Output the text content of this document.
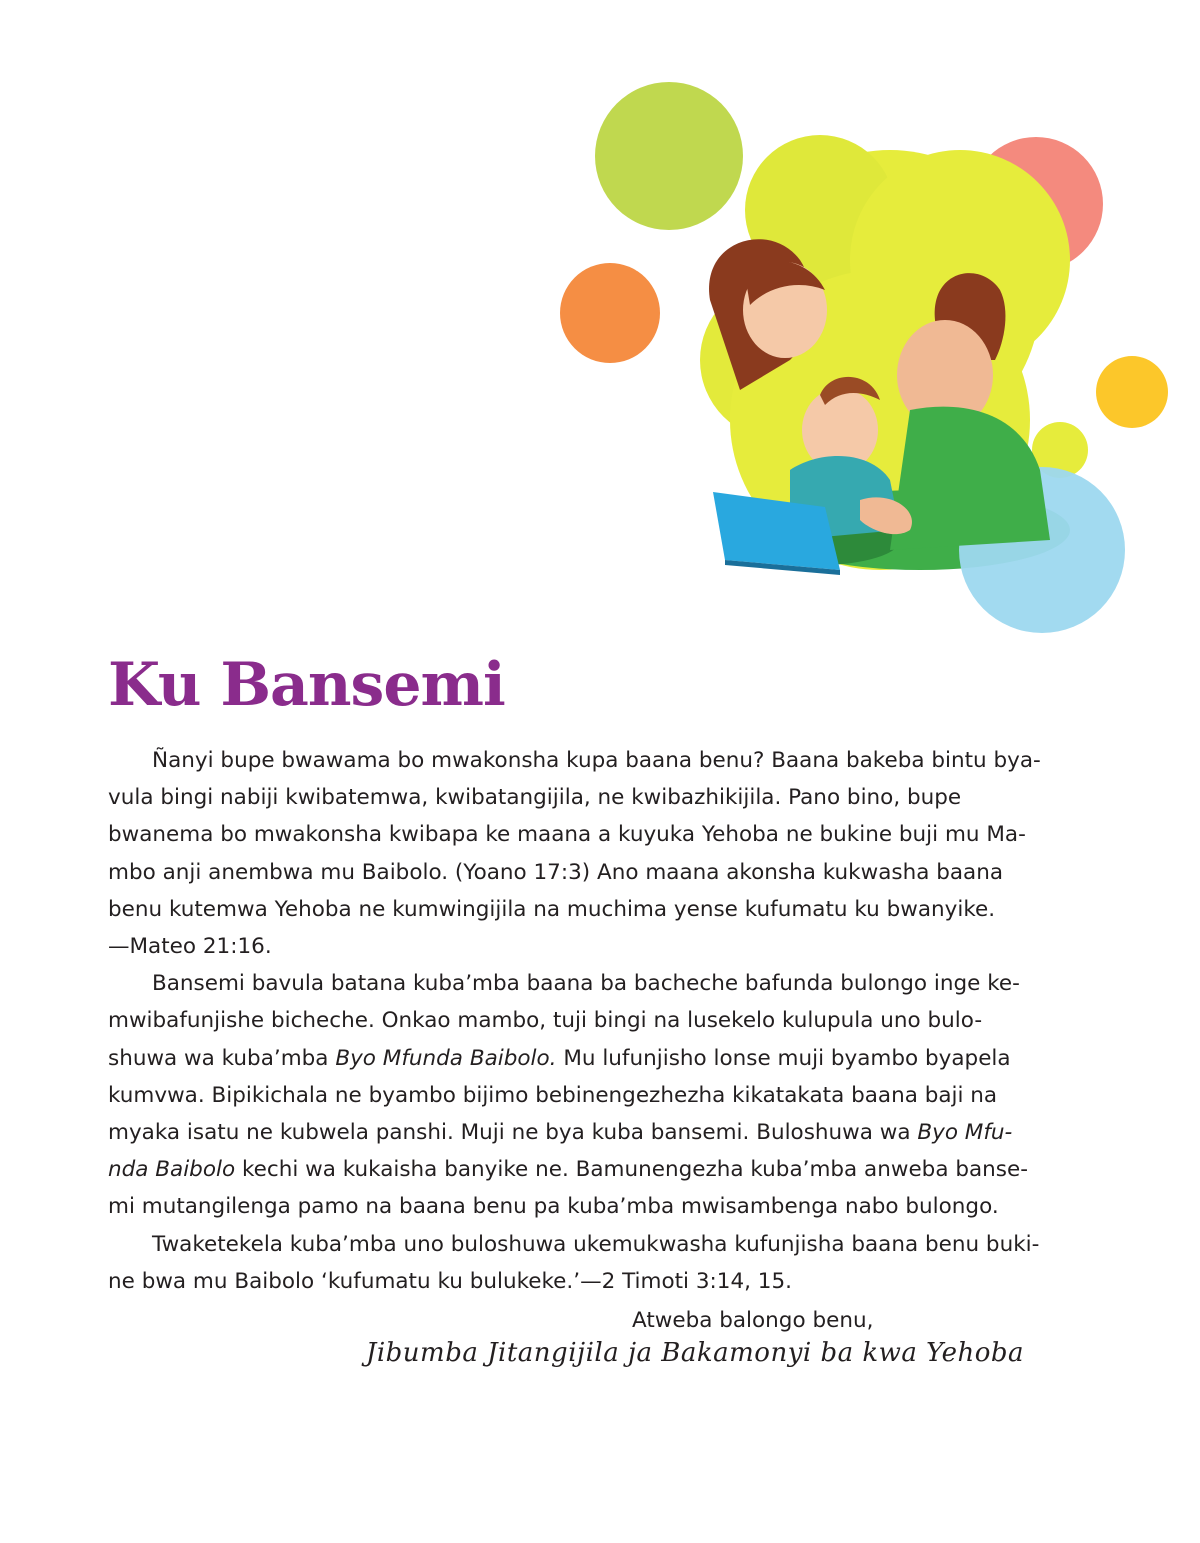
Ku Bansemi

Ñanyi bupe bwawama bo mwakonsha kupa baana benu? Baana bakeba bintu bya-
vula bingi nabiji kwibatemwa, kwibatangijila, ne kwibazhikijila. Pano bino, bupe
bwanema bo mwakonsha kwibapa ke maana a kuyuka Yehoba ne bukine buji mu Ma-
mbo anji anembwa mu Baibolo. (Yoano 17:3) Ano maana akonsha kukwasha baana
benu kutemwa Yehoba ne kumwingijila na muchima yense kufumatu ku bwanyike.
—Mateo 21:16.

Bansemi bavula batana kuba’mba baana ba bacheche bafunda bulongo inge ke-
mwibafunjishe bicheche. Onkao mambo, tuji bingi na lusekelo kulupula uno bulo-
shuwa wa kuba’mba Byo Mfunda Baibolo. Mu lufunjisho lonse muji byambo byapela
kumvwa. Bipikichala ne byambo bijimo bebinengezhezha kikatakata baana baji na
myaka isatu ne kubwela panshi. Muji ne bya kuba bansemi. Buloshuwa wa Byo Mfu-
nda Baibolo kechi wa kukaisha banyike ne. Bamunengezha kuba’mba anweba banse-
mi mutangilenga pamo na baana benu pa kuba’mba mwisambenga nabo bulongo.

Twaketekela kuba’mba uno buloshuwa ukemukwasha kufunjisha baana benu buki-
ne bwa mu Baibolo ‘kufumatu ku bulukeke.’—2 Timoti 3:14, 15.

Atweba balongo benu,
Jibumba Jitangijila ja Bakamonyi ba kwa Yehoba
